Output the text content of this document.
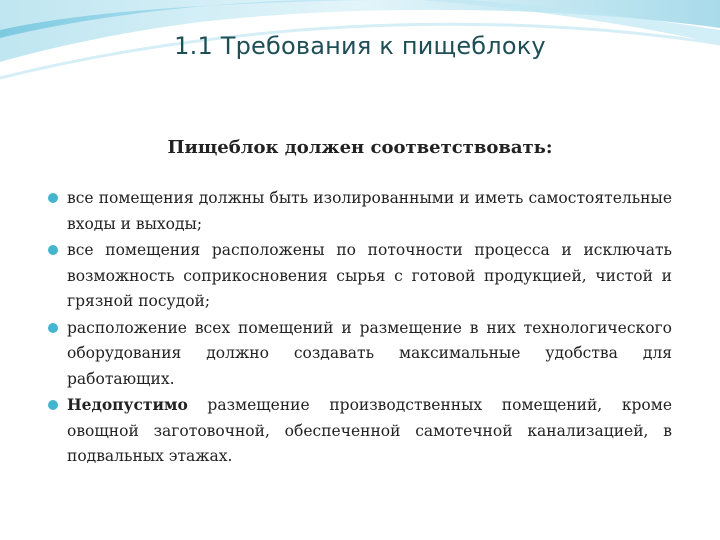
1.1 Требования к пищеблоку
Пищеблок должен соответствовать:
все помещения должны быть изолированными и иметь самостоятельные входы и выходы;
все помещения расположены по поточности процесса и исключать возможность соприкосновения сырья с готовой продукцией, чистой и грязной посудой;
расположение всех помещений и размещение в них технологического оборудования должно создавать максимальные удобства для работающих.
Недопустимо размещение производственных помещений, кроме овощной заготовочной, обеспеченной самотечной канализацией, в подвальных этажах.
